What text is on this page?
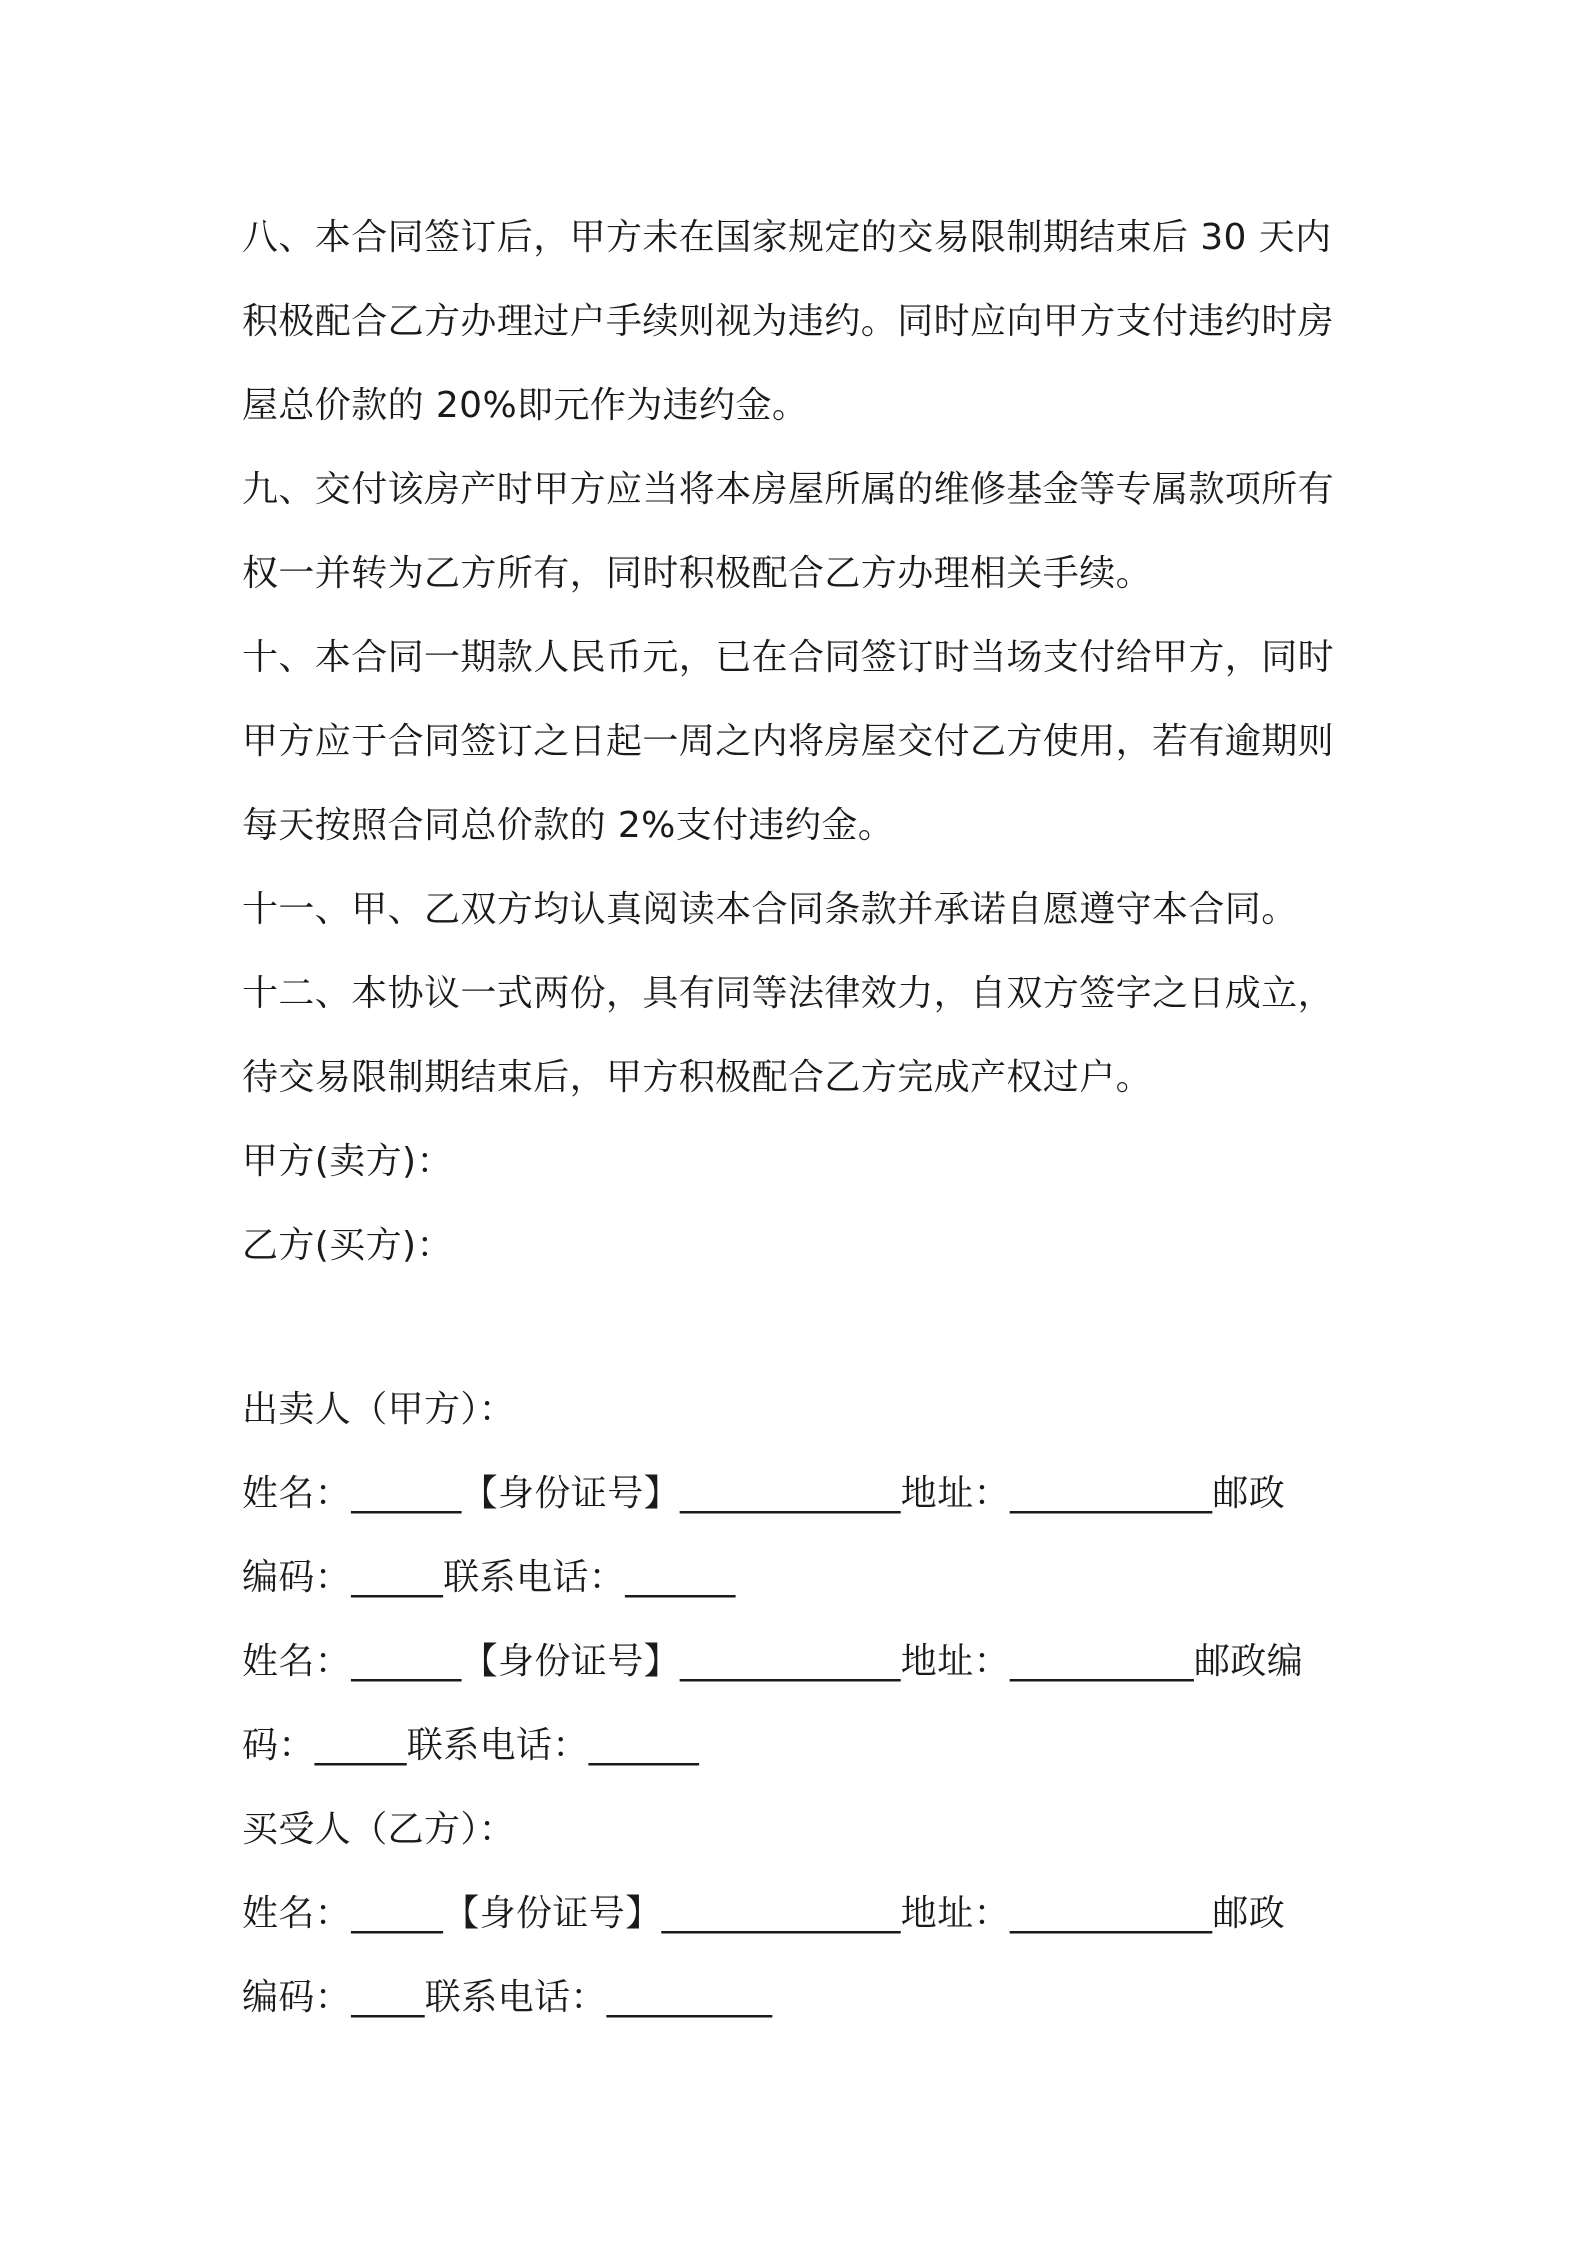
八、本合同签订后，甲方未在国家规定的交易限制期结束后 30 天内
积极配合乙方办理过户手续则视为违约。同时应向甲方支付违约时房
屋总价款的 20%即元作为违约金。
九、交付该房产时甲方应当将本房屋所属的维修基金等专属款项所有
权一并转为乙方所有，同时积极配合乙方办理相关手续。
十、本合同一期款人民币元，已在合同签订时当场支付给甲方，同时
甲方应于合同签订之日起一周之内将房屋交付乙方使用，若有逾期则
每天按照合同总价款的 2%支付违约金。
十一、甲、乙双方均认真阅读本合同条款并承诺自愿遵守本合同。
十二、本协议一式两份，具有同等法律效力，自双方签字之日成立，
待交易限制期结束后，甲方积极配合乙方完成产权过户。
甲方(卖方)：
乙方(买方)：
出卖人（甲方）：
姓名：______【身份证号】____________地址：___________邮政
编码：_____联系电话：______
姓名：______【身份证号】____________地址：__________邮政编
码：_____联系电话：______
买受人（乙方）：
姓名：_____【身份证号】_____________地址：___________邮政
编码：____联系电话：_________
